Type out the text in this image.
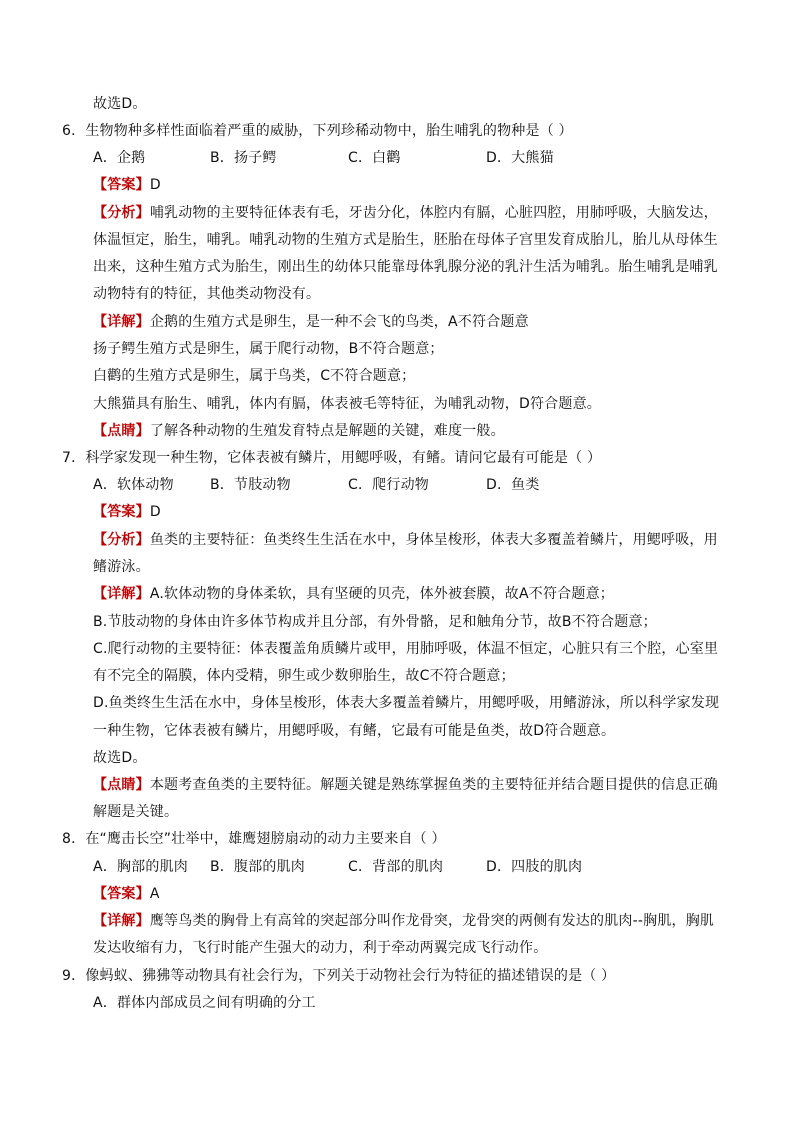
故选D。
6．生物物种多样性面临着严重的威胁，下列珍稀动物中，胎生哺乳的物种是（ ）
A．企鹅	B．扬子鳄	C．白鹳	D．大熊猫
【答案】D
【分析】哺乳动物的主要特征体表有毛，牙齿分化，体腔内有膈，心脏四腔，用肺呼吸，大脑发达，
体温恒定，胎生，哺乳。哺乳动物的生殖方式是胎生，胚胎在母体子宫里发育成胎儿，胎儿从母体生
出来，这种生殖方式为胎生，刚出生的幼体只能靠母体乳腺分泌的乳汁生活为哺乳。胎生哺乳是哺乳
动物特有的特征，其他类动物没有。
【详解】企鹅的生殖方式是卵生，是一种不会飞的鸟类，A不符合题意
扬子鳄生殖方式是卵生，属于爬行动物，B不符合题意；
白鹳的生殖方式是卵生，属于鸟类，C不符合题意；
大熊猫具有胎生、哺乳，体内有膈，体表被毛等特征，为哺乳动物，D符合题意。
【点睛】了解各种动物的生殖发育特点是解题的关键，难度一般。
7．科学家发现一种生物，它体表被有鳞片，用鳃呼吸，有鳍。请问它最有可能是（ ）
A．软体动物	B．节肢动物	C．爬行动物	D．鱼类
【答案】D
【分析】鱼类的主要特征：鱼类终生生活在水中，身体呈梭形，体表大多覆盖着鳞片，用鳃呼吸，用
鳍游泳。
【详解】A.软体动物的身体柔软，具有坚硬的贝壳，体外被套膜，故A不符合题意；
B.节肢动物的身体由许多体节构成并且分部，有外骨骼，足和触角分节，故B不符合题意；
C.爬行动物的主要特征：体表覆盖角质鳞片或甲，用肺呼吸，体温不恒定，心脏只有三个腔，心室里
有不完全的隔膜，体内受精，卵生或少数卵胎生，故C不符合题意；
D.鱼类终生生活在水中，身体呈梭形，体表大多覆盖着鳞片，用鳃呼吸，用鳍游泳，所以科学家发现
一种生物，它体表被有鳞片，用鳃呼吸，有鳍，它最有可能是鱼类，故D符合题意。
故选D。
【点睛】本题考查鱼类的主要特征。解题关键是熟练掌握鱼类的主要特征并结合题目提供的信息正确
解题是关键。
8．在“鹰击长空”壮举中，雄鹰翅膀扇动的动力主要来自（ ）
A．胸部的肌肉 B．腹部的肌肉	C．背部的肌肉	D．四肢的肌肉
【答案】A
【详解】鹰等鸟类的胸骨上有高耸的突起部分叫作龙骨突，龙骨突的两侧有发达的肌肉--胸肌，胸肌
发达收缩有力，飞行时能产生强大的动力，利于牵动两翼完成飞行动作。
9．像蚂蚁、狒狒等动物具有社会行为，下列关于动物社会行为特征的描述错误的是（ ）
A．群体内部成员之间有明确的分工
